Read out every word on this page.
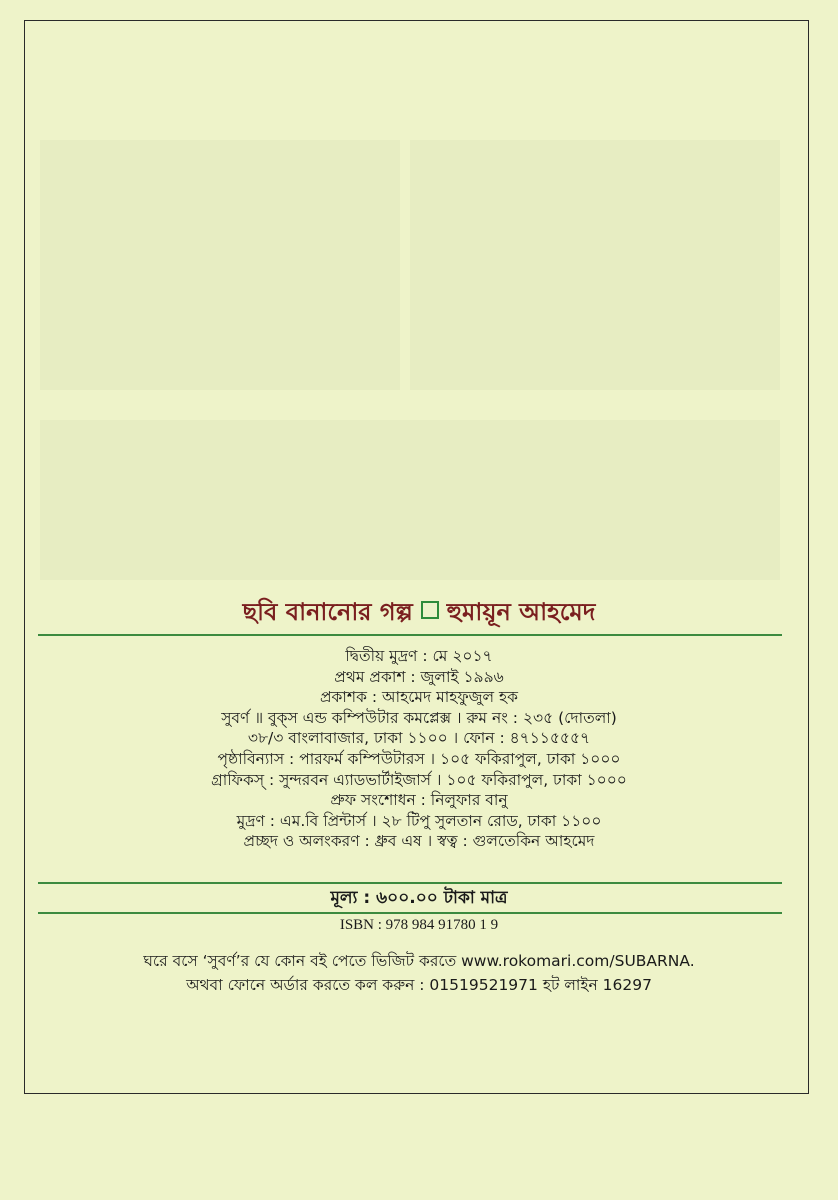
ছবি বানানোর গল্প হুমায়ূন আহমেদ
দ্বিতীয় মুদ্রণ : মে ২০১৭
প্রথম প্রকাশ : জুলাই ১৯৯৬
প্রকাশক : আহমেদ মাহফুজুল হক
সুবর্ণ ॥ বুক্‌স এন্ড কম্পিউটার কমপ্লেক্স । রুম নং : ২৩৫ (দোতলা)
৩৮/৩ বাংলাবাজার, ঢাকা ১১০০ । ফোন : ৪৭১১৫৫৫৭
পৃষ্ঠাবিন্যাস : পারফর্ম কম্পিউটারস । ১০৫ ফকিরাপুল, ঢাকা ১০০০
গ্রাফিকস্ : সুন্দরবন এ্যাডভার্টাইজার্স । ১০৫ ফকিরাপুল, ঢাকা ১০০০
প্রুফ সংশোধন : নিলুফার বানু
মুদ্রণ : এম.বি প্রিন্টার্স । ২৮ টিপু সুলতান রোড, ঢাকা ১১০০
প্রচ্ছদ ও অলংকরণ : ধ্রুব এষ । স্বত্ব : গুলতেকিন আহমেদ
মূল্য : ৬০০.০০ টাকা মাত্র
ISBN : 978 984 91780 1 9
ঘরে বসে ‘সুবর্ণ’র যে কোন বই পেতে ভিজিট করতে www.rokomari.com/SUBARNA.
অথবা ফোনে অর্ডার করতে কল করুন : 01519521971 হট লাইন 16297
